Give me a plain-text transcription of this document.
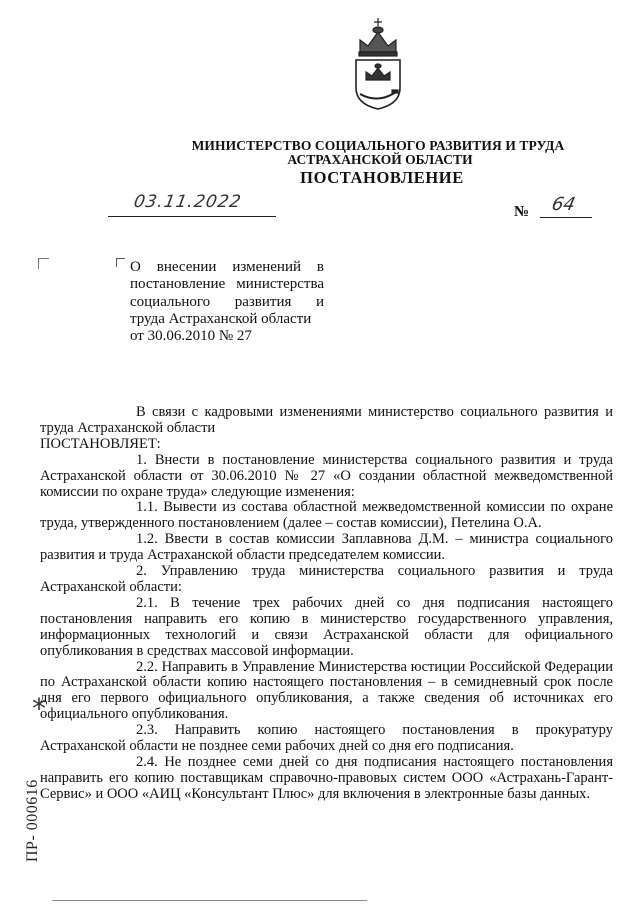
МИНИСТЕРСТВО СОЦИАЛЬНОГО РАЗВИТИЯ И ТРУДА
АСТРАХАНСКОЙ ОБЛАСТИ
ПОСТАНОВЛЕНИЕ
03.11.2022	№ 64
О внесении изменений в
постановление министерства
социального развития и
труда Астраханской области
от 30.06.2010 № 27

В связи с кадровыми изменениями министерство социального развития и труда Астраханской области

ПОСТАНОВЛЯЕТ:

1. Внести в постановление министерства социального развития и труда Астраханской области от 30.06.2010 № 27 «О создании областной межведомственной комиссии по охране труда» следующие изменения:

1.1. Вывести из состава областной межведомственной комиссии по охране труда, утвержденного постановлением (далее – состав комиссии), Петелина О.А.

1.2. Ввести в состав комиссии Заплавнова Д.М. – министра социального развития и труда Астраханской области председателем комиссии.

2. Управлению труда министерства социального развития и труда Астраханской области:

2.1. В течение трех рабочих дней со дня подписания настоящего постановления направить его копию в министерство государственного управления, информационных технологий и связи Астраханской области для официального опубликования в средствах массовой информации.

2.2. Направить в Управление Министерства юстиции Российской Федерации по Астраханской области копию настоящего постановления – в семидневный срок после дня его первого официального опубликования, а также сведения об источниках его официального опубликования.

2.3. Направить копию настоящего постановления в прокуратуру Астраханской области не позднее семи рабочих дней со дня его подписания.

2.4. Не позднее семи дней со дня подписания настоящего постановления направить его копию поставщикам справочно-правовых систем ООО «Астрахань-Гарант-Сервис» и ООО «АИЦ «Консультант Плюс» для включения в электронные базы данных.

*
ПР- 000616
